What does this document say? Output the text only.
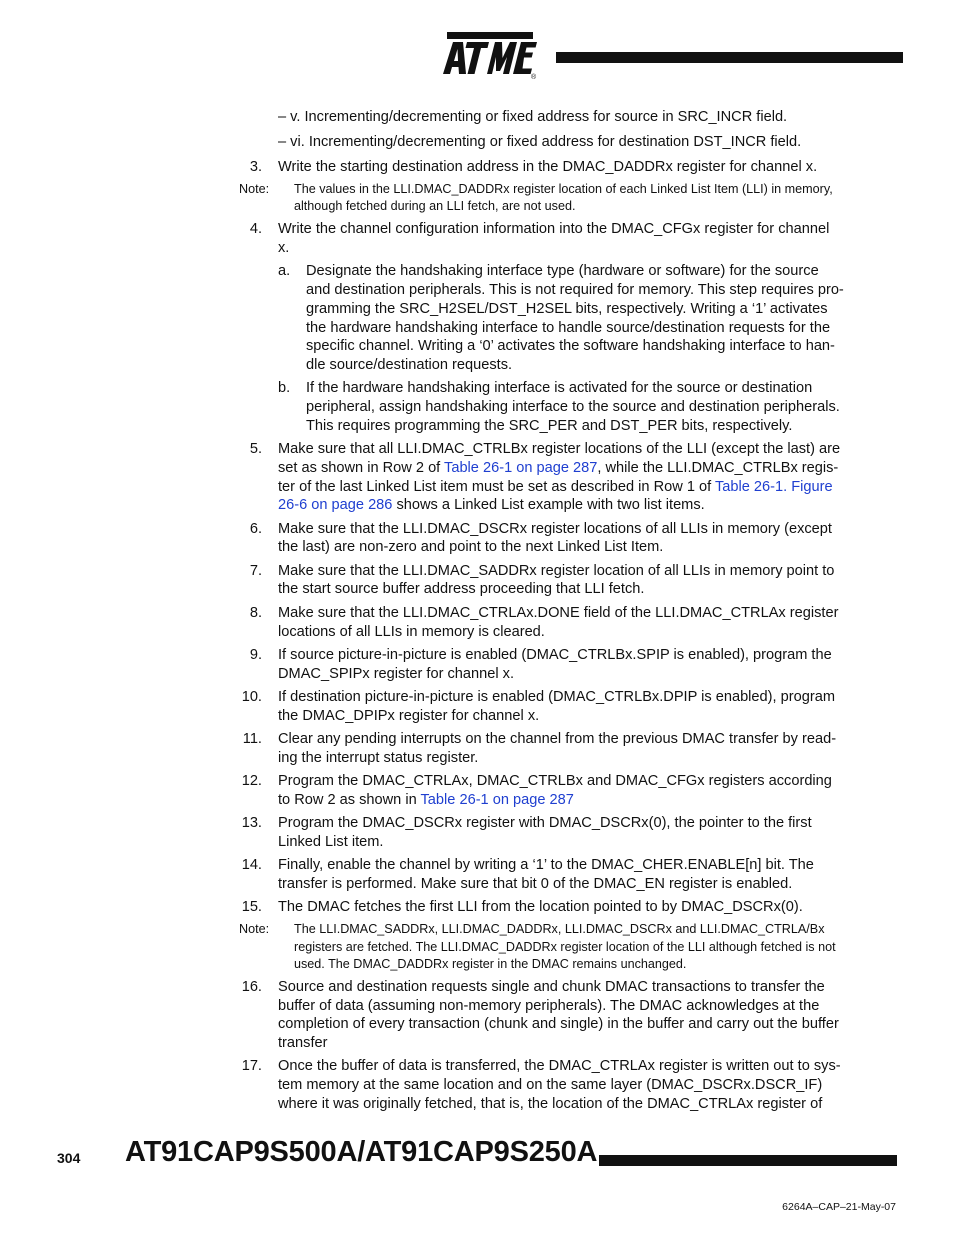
®
– v. Incrementing/decrementing or fixed address for source in SRC_INCR field.
– vi. Incrementing/decrementing or fixed address for destination DST_INCR field.
3. Write the starting destination address in the DMAC_DADDRx register for channel x.
Note: The values in the LLI.DMAC_DADDRx register location of each Linked List Item (LLI) in memory,
although fetched during an LLI fetch, are not used.
4. Write the channel configuration information into the DMAC_CFGx register for channel
x.
a. Designate the handshaking interface type (hardware or software) for the source
and destination peripherals. This is not required for memory. This step requires pro-
gramming the SRC_H2SEL/DST_H2SEL bits, respectively. Writing a ‘1’ activates
the hardware handshaking interface to handle source/destination requests for the
specific channel. Writing a ‘0’ activates the software handshaking interface to han-
dle source/destination requests.
b. If the hardware handshaking interface is activated for the source or destination
peripheral, assign handshaking interface to the source and destination peripherals.
This requires programming the SRC_PER and DST_PER bits, respectively.
5. Make sure that all LLI.DMAC_CTRLBx register locations of the LLI (except the last) are
set as shown in Row 2 of Table 26-1 on page 287, while the LLI.DMAC_CTRLBx regis-
ter of the last Linked List item must be set as described in Row 1 of Table 26-1. Figure
26-6 on page 286 shows a Linked List example with two list items.
6. Make sure that the LLI.DMAC_DSCRx register locations of all LLIs in memory (except
the last) are non-zero and point to the next Linked List Item.
7. Make sure that the LLI.DMAC_SADDRx register location of all LLIs in memory point to
the start source buffer address proceeding that LLI fetch.
8. Make sure that the LLI.DMAC_CTRLAx.DONE field of the LLI.DMAC_CTRLAx register
locations of all LLIs in memory is cleared.
9. If source picture-in-picture is enabled (DMAC_CTRLBx.SPIP is enabled), program the
DMAC_SPIPx register for channel x.
10. If destination picture-in-picture is enabled (DMAC_CTRLBx.DPIP is enabled), program
the DMAC_DPIPx register for channel x.
11. Clear any pending interrupts on the channel from the previous DMAC transfer by read-
ing the interrupt status register.
12. Program the DMAC_CTRLAx, DMAC_CTRLBx and DMAC_CFGx registers according
to Row 2 as shown in Table 26-1 on page 287
13. Program the DMAC_DSCRx register with DMAC_DSCRx(0), the pointer to the first
Linked List item.
14. Finally, enable the channel by writing a ‘1’ to the DMAC_CHER.ENABLE[n] bit. The
transfer is performed. Make sure that bit 0 of the DMAC_EN register is enabled.
15. The DMAC fetches the first LLI from the location pointed to by DMAC_DSCRx(0).
Note: The LLI.DMAC_SADDRx, LLI.DMAC_DADDRx, LLI.DMAC_DSCRx and LLI.DMAC_CTRLA/Bx
registers are fetched. The LLI.DMAC_DADDRx register location of the LLI although fetched is not
used. The DMAC_DADDRx register in the DMAC remains unchanged.
16. Source and destination requests single and chunk DMAC transactions to transfer the
buffer of data (assuming non-memory peripherals). The DMAC acknowledges at the
completion of every transaction (chunk and single) in the buffer and carry out the buffer
transfer
17. Once the buffer of data is transferred, the DMAC_CTRLAx register is written out to sys-
tem memory at the same location and on the same layer (DMAC_DSCRx.DSCR_IF)
where it was originally fetched, that is, the location of the DMAC_CTRLAx register of
304 AT91CAP9S500A/AT91CAP9S250A
6264A–CAP–21-May-07
